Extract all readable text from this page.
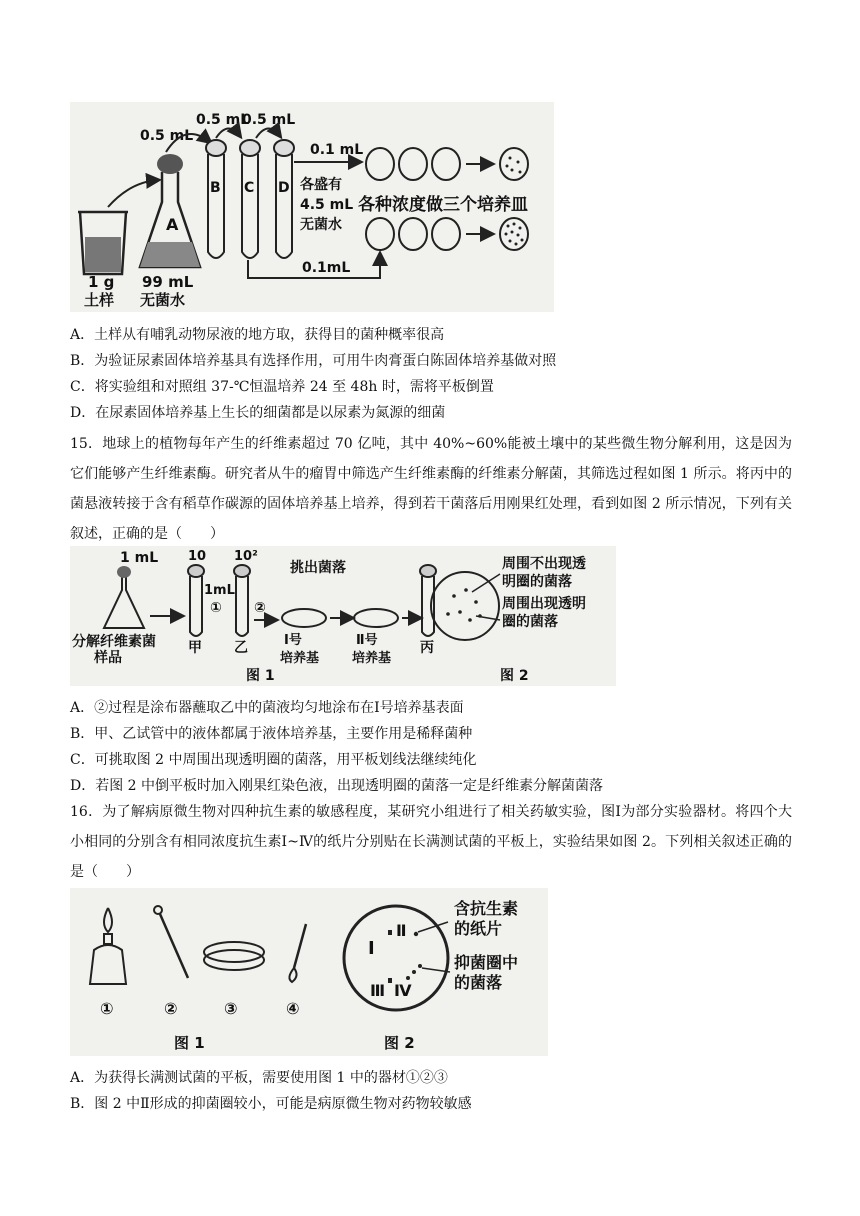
1 g
土样
A
99 mL
无菌水
0.5 mL
0.5 mL
0.5 mL
B C D 各盛有
4.5 mL
无菌水
0.1 mL
各种浓度做三个培养皿
0.1mL
A．土样从有哺乳动物尿液的地方取，获得目的菌种概率很高
B．为验证尿素固体培养基具有选择作用，可用牛肉膏蛋白陈固体培养基做对照
C．将实验组和对照组 37-℃恒温培养 24 至 48h 时，需将平板倒置
D．在尿素固体培养基上生长的细菌都是以尿素为氮源的细菌
15．地球上的植物每年产生的纤维素超过 70 亿吨，其中 40%~60%能被土壤中的某些微生物分解利用，这是因为它们能够产生纤维素酶。研究者从牛的瘤胃中筛选产生纤维素酶的纤维素分解菌，其筛选过程如图 1 所示。将丙中的菌悬液转接于含有稻草作碳源的固体培养基上培养，得到若干菌落后用刚果红处理，看到如图 2 所示情况，下列有关叙述，正确的是（　　）
1 mL
分解纤维素菌
样品
10
甲
1mL
①
10²
乙
②
挑出菌落
Ⅰ号
培养基
Ⅱ号
培养基
丙
周围不出现透
明圈的菌落
周围出现透明
圈的菌落
图 1	图 2
A．②过程是涂布器蘸取乙中的菌液均匀地涂布在Ⅰ号培养基表面
B．甲、乙试管中的液体都属于液体培养基，主要作用是稀释菌种
C．可挑取图 2 中周围出现透明圈的菌落，用平板划线法继续纯化
D．若图 2 中倒平板时加入刚果红染色液，出现透明圈的菌落一定是纤维素分解菌菌落
16．为了解病原微生物对四种抗生素的敏感程度，某研究小组进行了相关药敏实验，图Ⅰ为部分实验器材。将四个大小相同的分别含有相同浓度抗生素Ⅰ~Ⅳ的纸片分别贴在长满测试菌的平板上，实验结果如图 2。下列相关叙述正确的是（　　）
①	②	③	④
Ⅰ
Ⅱ
Ⅲ Ⅳ
含抗生素
的纸片
抑菌圈中
的菌落
图 1	图 2
A．为获得长满测试菌的平板，需要使用图 1 中的器材①②③
B．图 2 中Ⅱ形成的抑菌圈较小，可能是病原微生物对药物较敏感
